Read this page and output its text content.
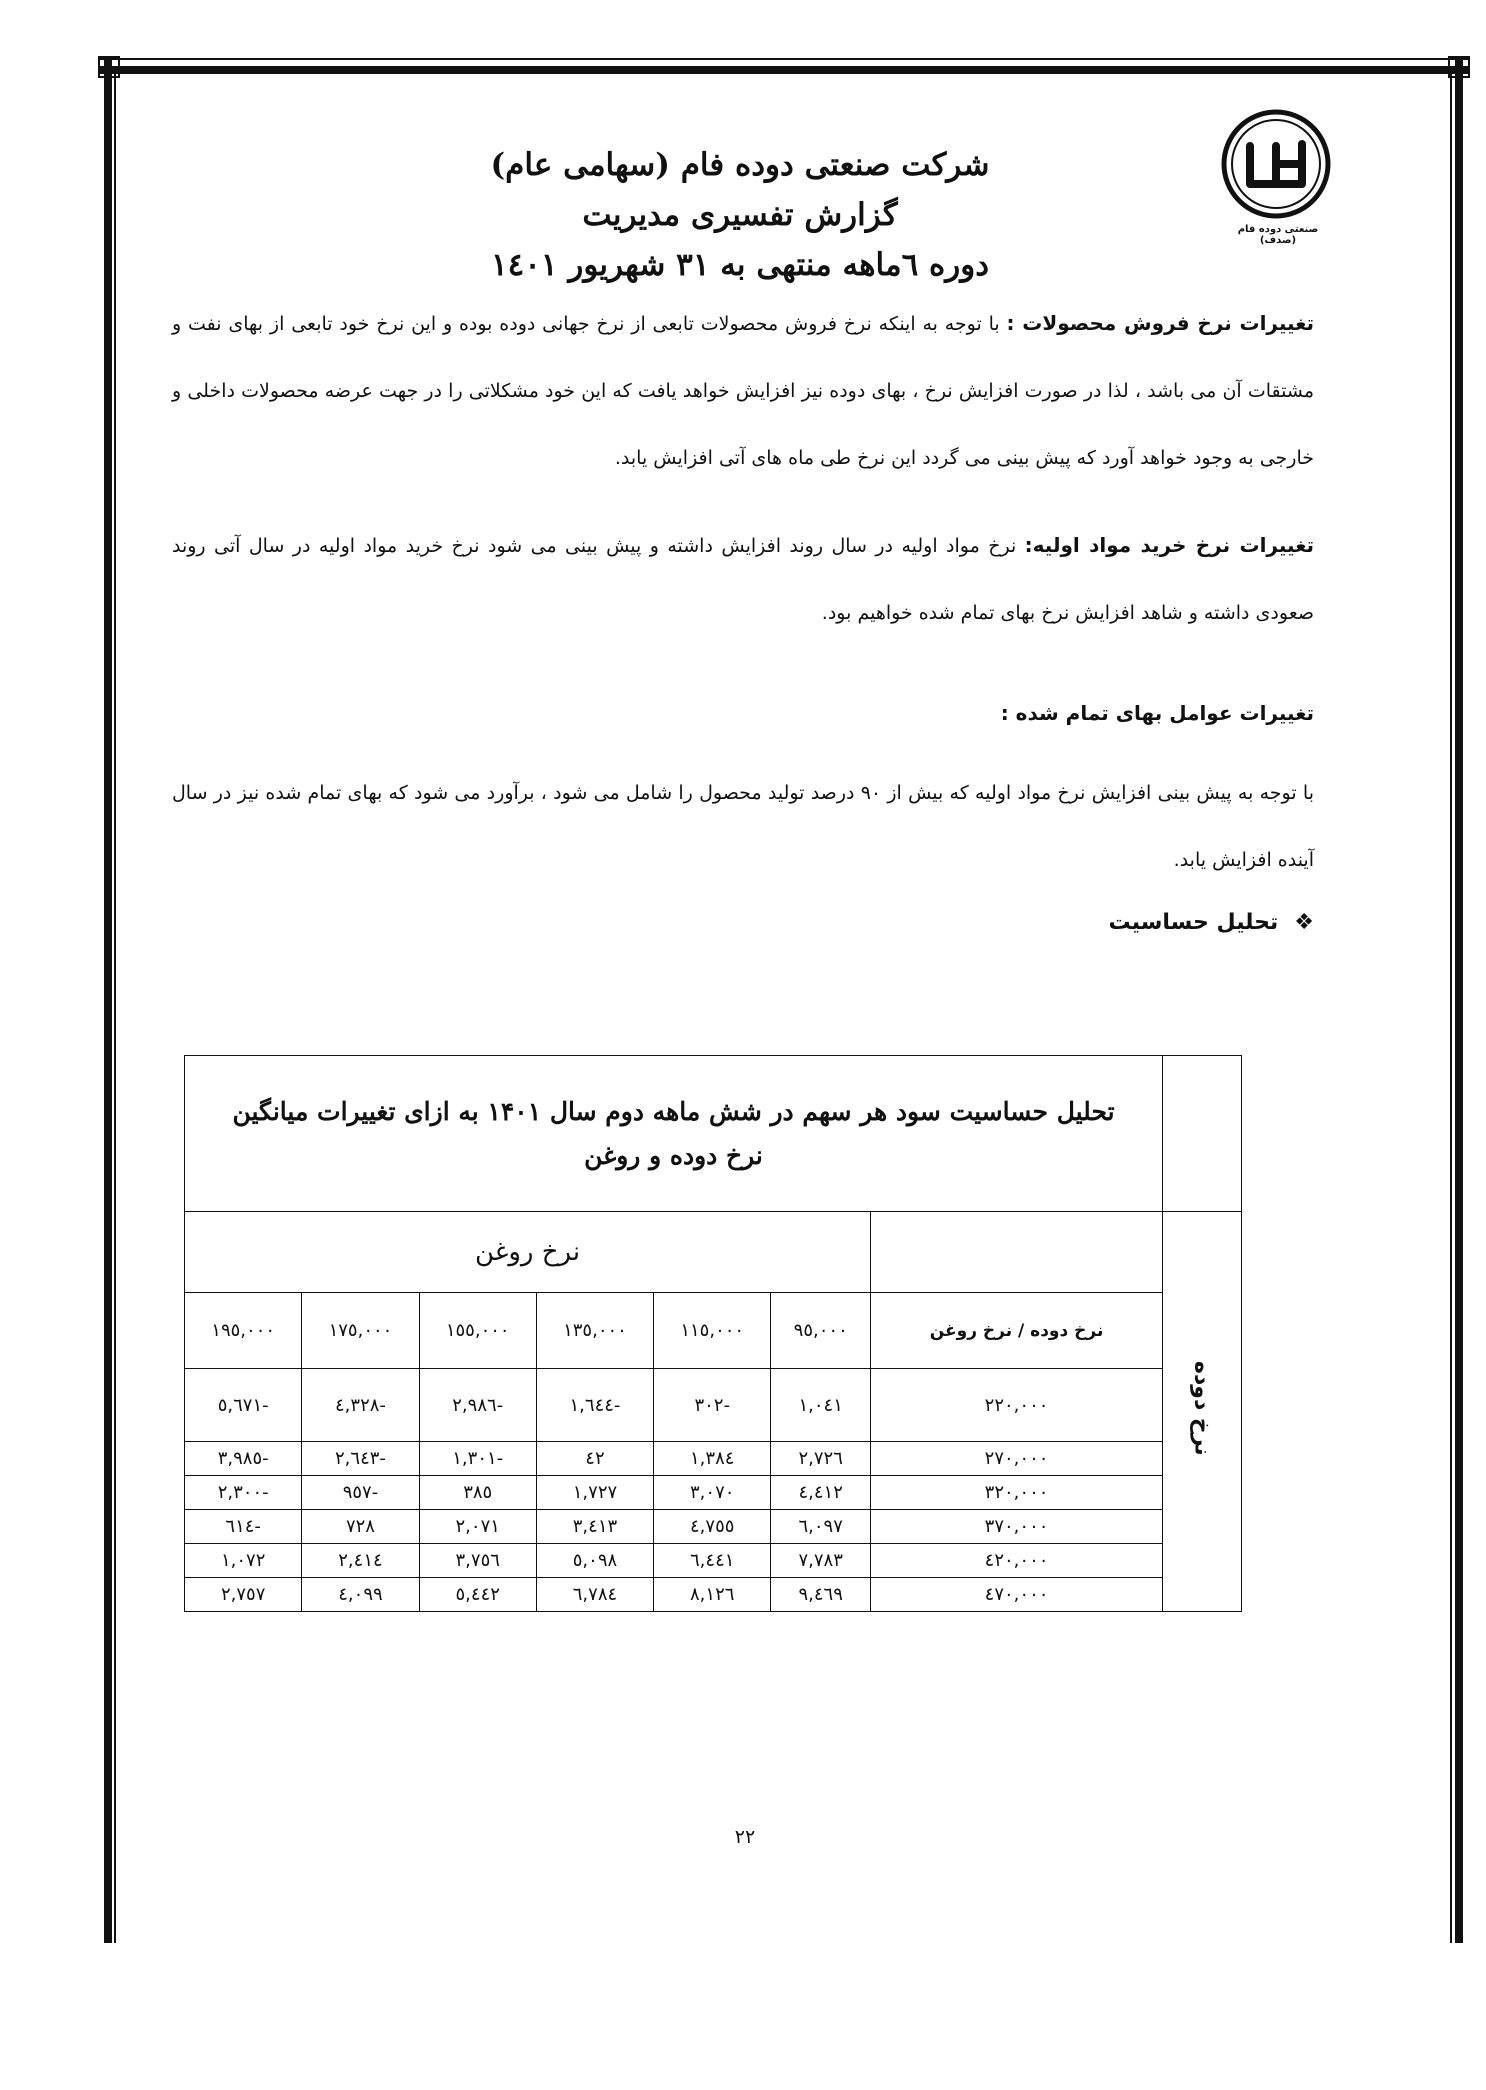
صنعتی دوده فام (صدف)
شرکت صنعتی دوده فام (سهامی عام)
گزارش تفسیری مدیریت
دوره ٦ماهه منتهی به ۳۱ شهریور ١٤٠١
تغییرات نرخ فروش محصولات : با توجه به اینکه نرخ فروش محصولات تابعی از نرخ جهانی دوده بوده و این نرخ خود تابعی از بهای نفت و مشتقات آن می باشد ، لذا در صورت افزایش نرخ ، بهای دوده نیز افزایش خواهد یافت که این خود مشکلاتی را در جهت عرضه محصولات داخلی و خارجی به وجود خواهد آورد که پیش بینی می گردد این نرخ طی ماه های آتی افزایش یابد.
تغییرات نرخ خرید مواد اولیه: نرخ مواد اولیه در سال روند افزایش داشته و پیش بینی می شود نرخ خرید مواد اولیه در سال آتی روند صعودی داشته و شاهد افزایش نرخ بهای تمام شده خواهیم بود.
تغییرات عوامل بهای تمام شده :
با توجه به پیش بینی افزایش نرخ مواد اولیه که بیش از ۹۰ درصد تولید محصول را شامل می شود ، برآورد می شود که بهای تمام شده نیز در سال آینده افزایش یابد.
❖تحلیل حساسیت
	تحلیل حساسیت سود هر سهم در شش ماهه دوم سال ۱۴۰۱ به ازای تغییرات میانگین نرخ دوده و روغن						
نرخ دوده		نرخ روغن					
	نرخ دوده / نرخ روغن	٩٥,٠٠٠	١١٥,٠٠٠	١٣٥,٠٠٠	١٥٥,٠٠٠	١٧٥,٠٠٠	١٩٥,٠٠٠
	٢٢٠,٠٠٠	١,٠٤١	-٣٠٢	-١,٦٤٤	-٢,٩٨٦	-٤,٣٢٨	-٥,٦٧١
	٢٧٠,٠٠٠	٢,٧٢٦	١,٣٨٤	٤٢	-١,٣٠١	-٢,٦٤٣	-٣,٩٨٥
	٣٢٠,٠٠٠	٤,٤١٢	٣,٠٧٠	١,٧٢٧	٣٨٥	-٩٥٧	-٢,٣٠٠
	٣٧٠,٠٠٠	٦,٠٩٧	٤,٧٥٥	٣,٤١٣	٢,٠٧١	٧٢٨	-٦١٤
	٤٢٠,٠٠٠	٧,٧٨٣	٦,٤٤١	٥,٠٩٨	٣,٧٥٦	٢,٤١٤	١,٠٧٢
	٤٧٠,٠٠٠	٩,٤٦٩	٨,١٢٦	٦,٧٨٤	٥,٤٤٢	٤,٠٩٩	٢,٧٥٧
٢٢
